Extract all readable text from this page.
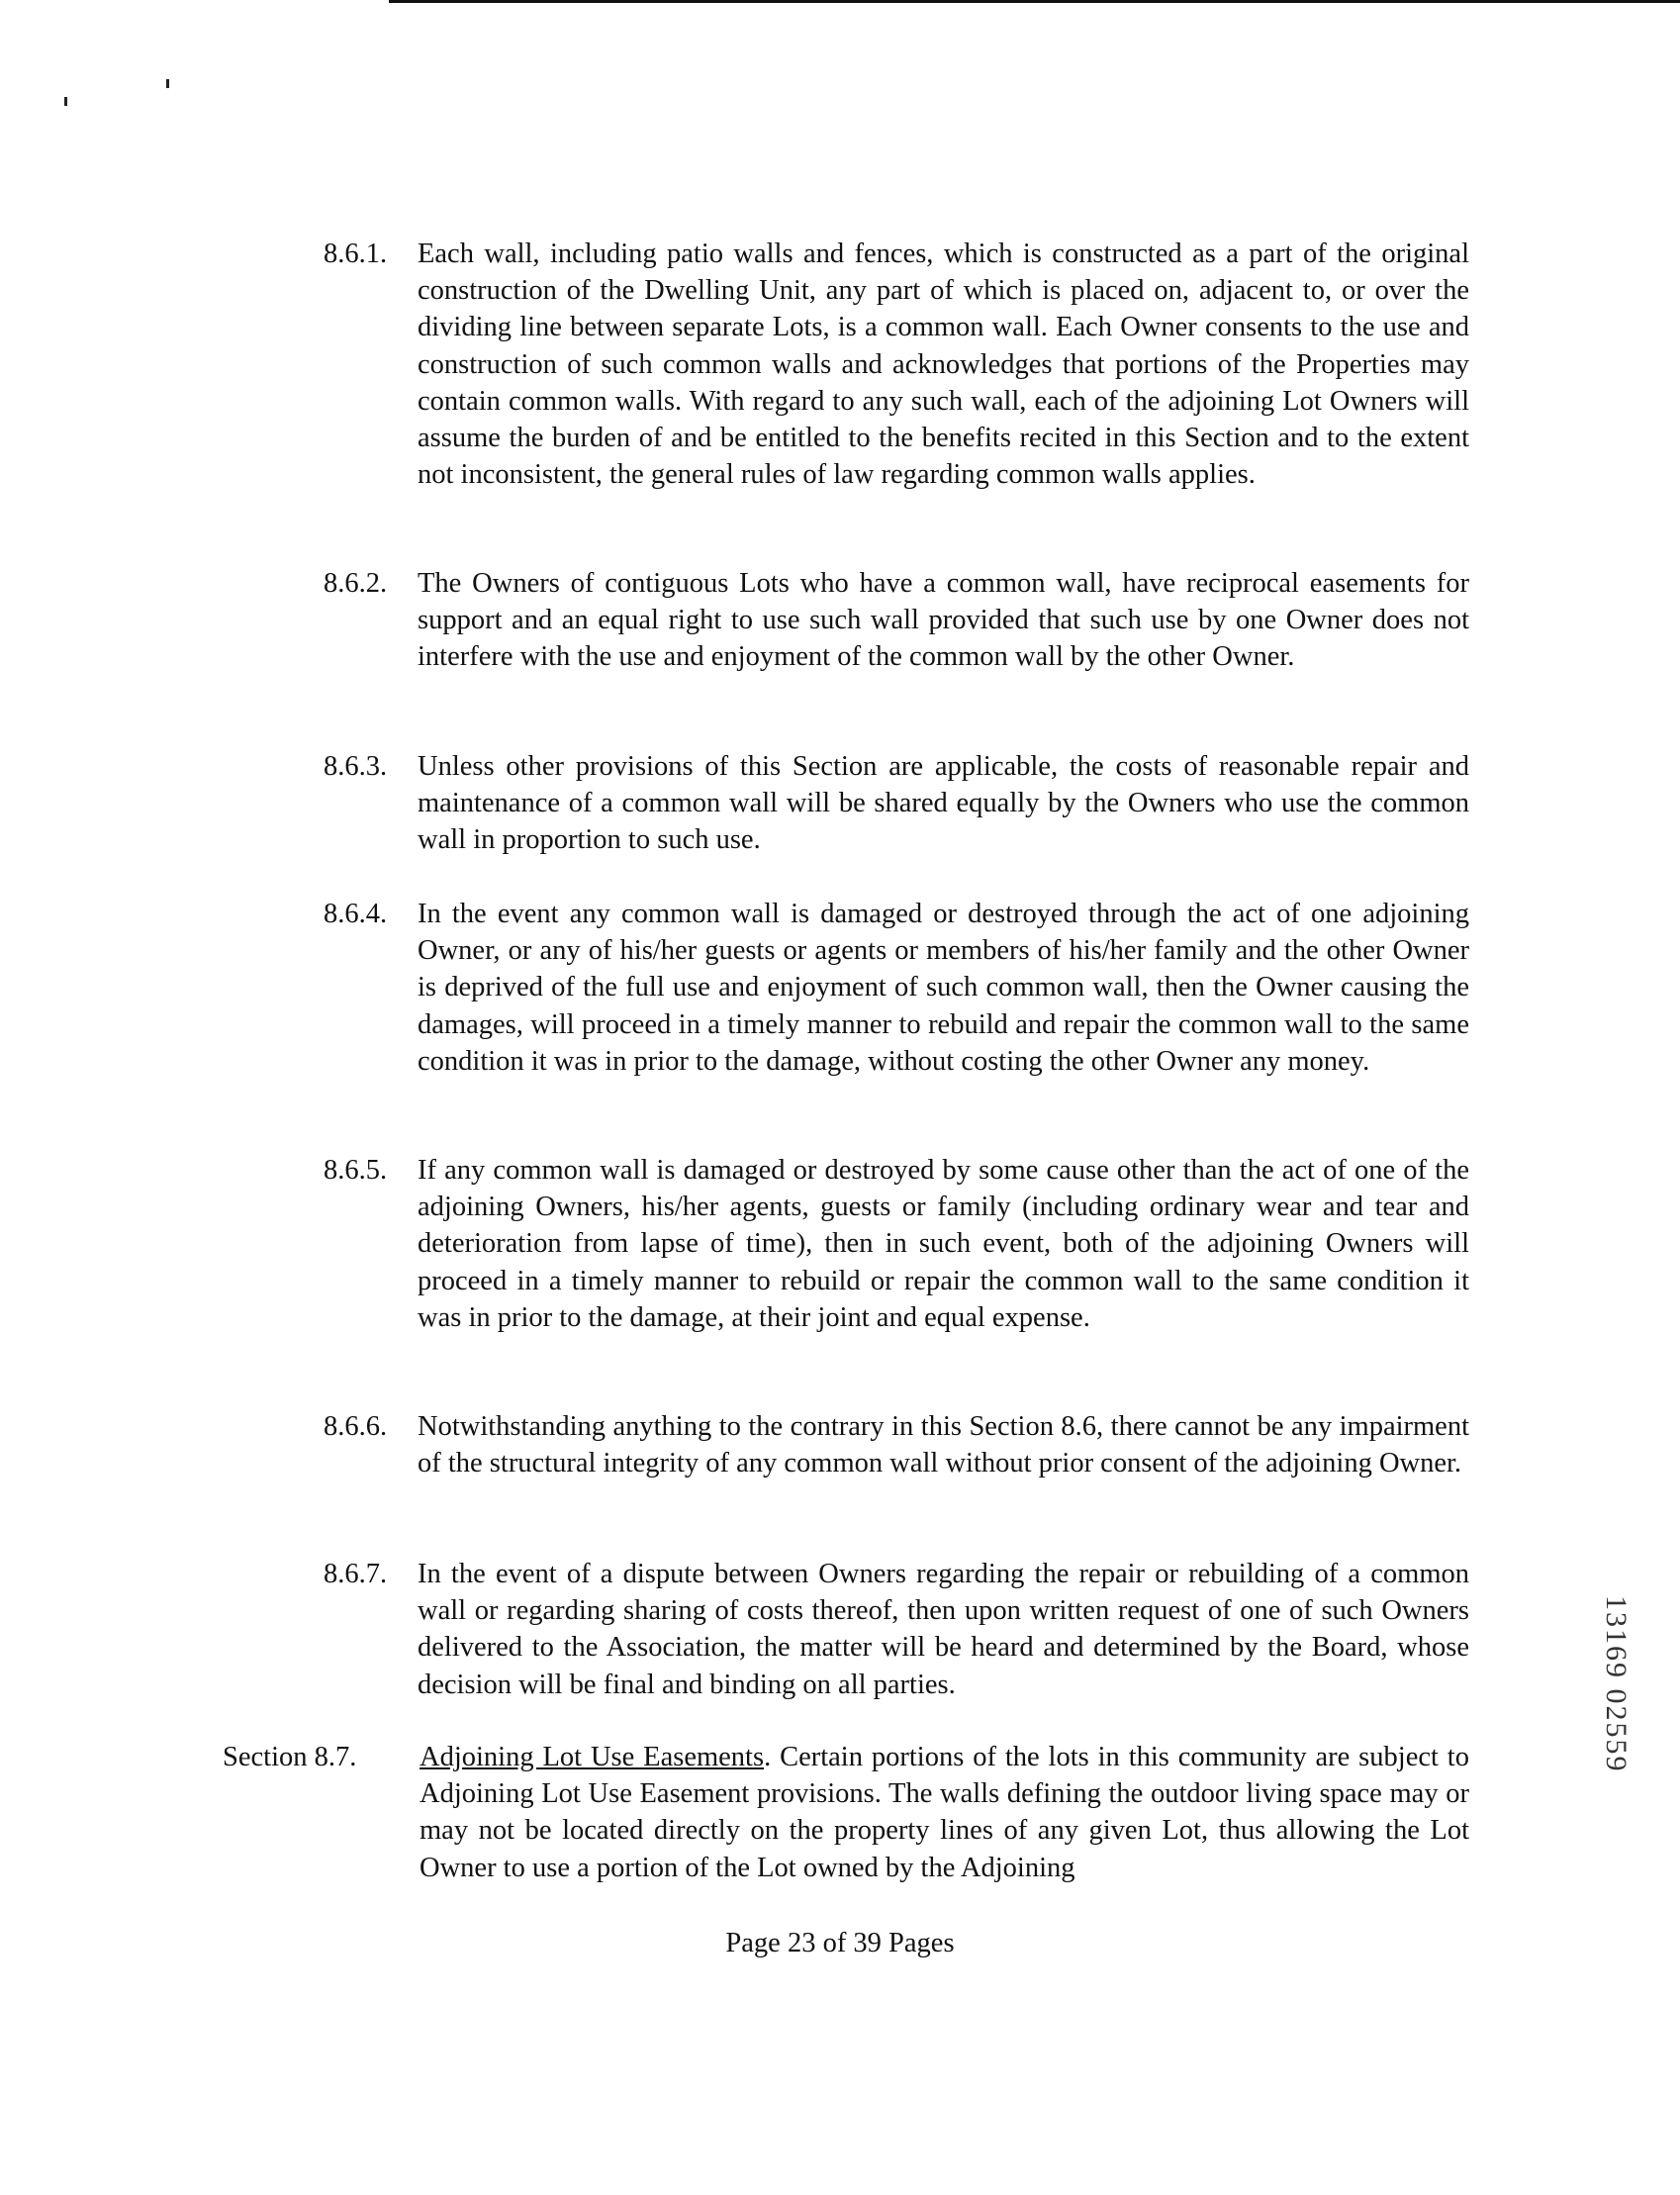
8.6.1.	Each wall, including patio walls and fences, which is constructed as a part of the original construction of the Dwelling Unit, any part of which is placed on, adjacent to, or over the dividing line between separate Lots, is a common wall. Each Owner consents to the use and construction of such common walls and acknowledges that portions of the Properties may contain common walls. With regard to any such wall, each of the adjoining Lot Owners will assume the burden of and be entitled to the benefits recited in this Section and to the extent not inconsistent, the general rules of law regarding common walls applies.
8.6.2.	The Owners of contiguous Lots who have a common wall, have reciprocal easements for support and an equal right to use such wall provided that such use by one Owner does not interfere with the use and enjoyment of the common wall by the other Owner.
8.6.3.	Unless other provisions of this Section are applicable, the costs of reasonable repair and maintenance of a common wall will be shared equally by the Owners who use the common wall in proportion to such use.
8.6.4.	In the event any common wall is damaged or destroyed through the act of one adjoining Owner, or any of his/her guests or agents or members of his/her family and the other Owner is deprived of the full use and enjoyment of such common wall, then the Owner causing the damages, will proceed in a timely manner to rebuild and repair the common wall to the same condition it was in prior to the damage, without costing the other Owner any money.
8.6.5.	If any common wall is damaged or destroyed by some cause other than the act of one of the adjoining Owners, his/her agents, guests or family (including ordinary wear and tear and deterioration from lapse of time), then in such event, both of the adjoining Owners will proceed in a timely manner to rebuild or repair the common wall to the same condition it was in prior to the damage, at their joint and equal expense.
8.6.6.	Notwithstanding anything to the contrary in this Section 8.6, there cannot be any impairment of the structural integrity of any common wall without prior consent of the adjoining Owner.
8.6.7.	In the event of a dispute between Owners regarding the repair or rebuilding of a common wall or regarding sharing of costs thereof, then upon written request of one of such Owners delivered to the Association, the matter will be heard and determined by the Board, whose decision will be final and binding on all parties.
Section 8.7.	Adjoining Lot Use Easements. Certain portions of the lots in this community are subject to Adjoining Lot Use Easement provisions. The walls defining the outdoor living space may or may not be located directly on the property lines of any given Lot, thus allowing the Lot Owner to use a portion of the Lot owned by the Adjoining
Page 23 of 39 Pages
13169 02559
